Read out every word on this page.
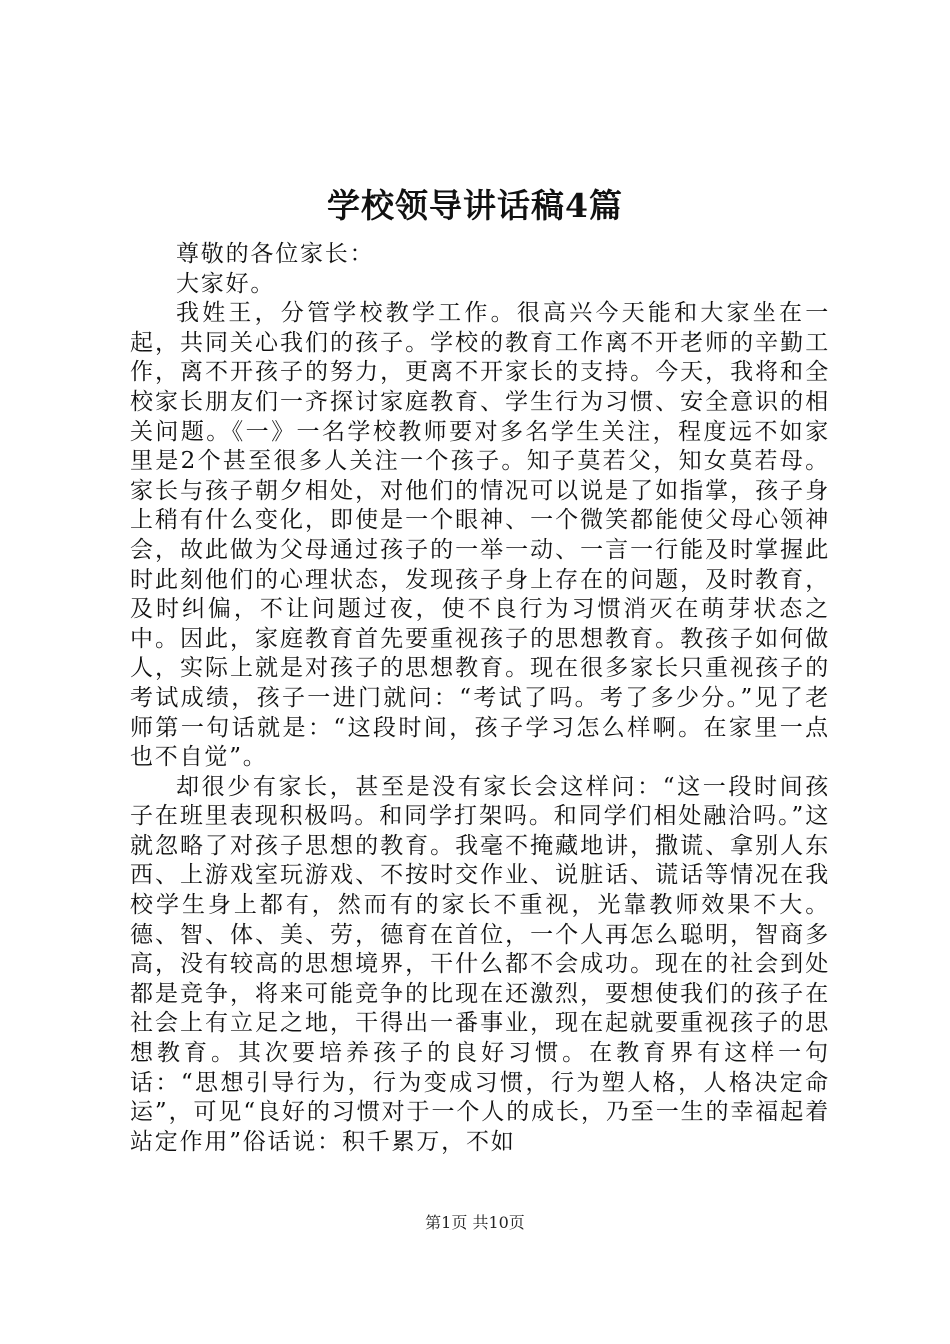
学校领导讲话稿4篇

尊敬的各位家长：

大家好。

我姓王，分管学校教学工作。很高兴今天能和大家坐在一起，共同关心我们的孩子。学校的教育工作离不开老师的辛勤工作，离不开孩子的努力，更离不开家长的支持。今天，我将和全校家长朋友们一齐探讨家庭教育、学生行为习惯、安全意识的相关问题。《一》一名学校教师要对多名学生关注，程度远不如家里是2个甚至很多人关注一个孩子。知子莫若父，知女莫若母。家长与孩子朝夕相处，对他们的情况可以说是了如指掌，孩子身上稍有什么变化，即使是一个眼神、一个微笑都能使父母心领神会，故此做为父母通过孩子的一举一动、一言一行能及时掌握此时此刻他们的心理状态，发现孩子身上存在的问题，及时教育，及时纠偏，不让问题过夜，使不良行为习惯消灭在萌芽状态之中。因此，家庭教育首先要重视孩子的思想教育。教孩子如何做人，实际上就是对孩子的思想教育。现在很多家长只重视孩子的考试成绩，孩子一进门就问：“考试了吗。考了多少分。”见了老师第一句话就是：“这段时间，孩子学习怎么样啊。在家里一点也不自觉”。

却很少有家长，甚至是没有家长会这样问：“这一段时间孩子在班里表现积极吗。和同学打架吗。和同学们相处融洽吗。”这就忽略了对孩子思想的教育。我毫不掩藏地讲，撒谎、拿别人东西、上游戏室玩游戏、不按时交作业、说脏话、谎话等情况在我校学生身上都有，然而有的家长不重视，光靠教师效果不大。德、智、体、美、劳，德育在首位，一个人再怎么聪明，智商多高，没有较高的思想境界，干什么都不会成功。现在的社会到处都是竞争，将来可能竞争的比现在还激烈，要想使我们的孩子在社会上有立足之地，干得出一番事业，现在起就要重视孩子的思想教育。其次要培养孩子的良好习惯。在教育界有这样一句话：“思想引导行为，行为变成习惯，行为塑人格，人格决定命运”，可见“良好的习惯对于一个人的成长，乃至一生的幸福起着站定作用”俗话说：积千累万，不如

第1页 共10页
